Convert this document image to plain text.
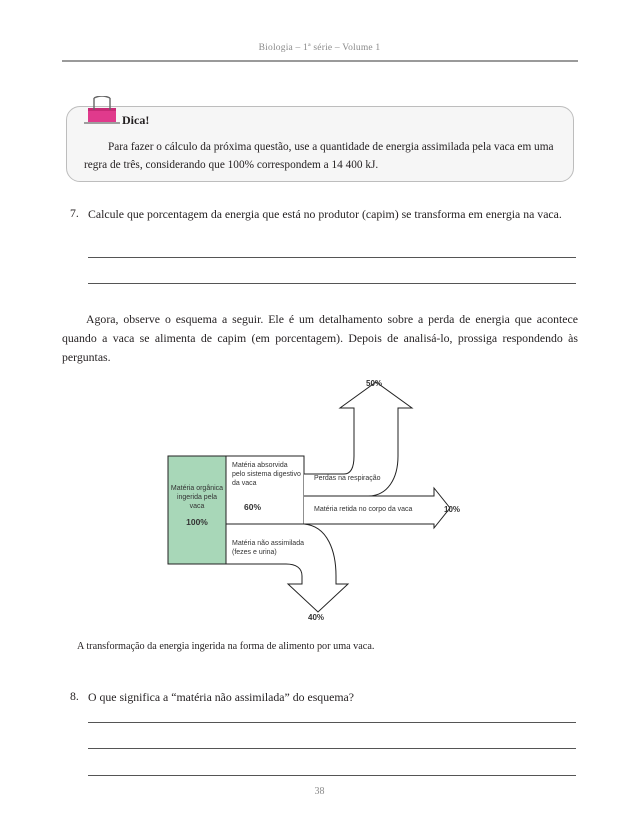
Biologia – 1ª série – Volume 1
Dica!
Para fazer o cálculo da próxima questão, use a quantidade de energia assimilada pela vaca em uma regra de três, considerando que 100% correspondem a 14 400 kJ.
7. Calcule que porcentagem da energia que está no produtor (capim) se transforma em energia na vaca.
Agora, observe o esquema a seguir. Ele é um detalhamento sobre a perda de energia que acontece quando a vaca se alimenta de capim (em porcentagem). Depois de analisá-lo, prossiga respondendo às perguntas.
Matéria orgânica ingerida pela vaca
100%
Matéria absorvida pelo sistema digestivo da vaca
60%
Matéria não assimilada (fezes e urina)
Perdas na respiração
Matéria retida no corpo da vaca
50%
10%
40%
A transformação da energia ingerida na forma de alimento por uma vaca.
8. O que significa a “matéria não assimilada” do esquema?
38
